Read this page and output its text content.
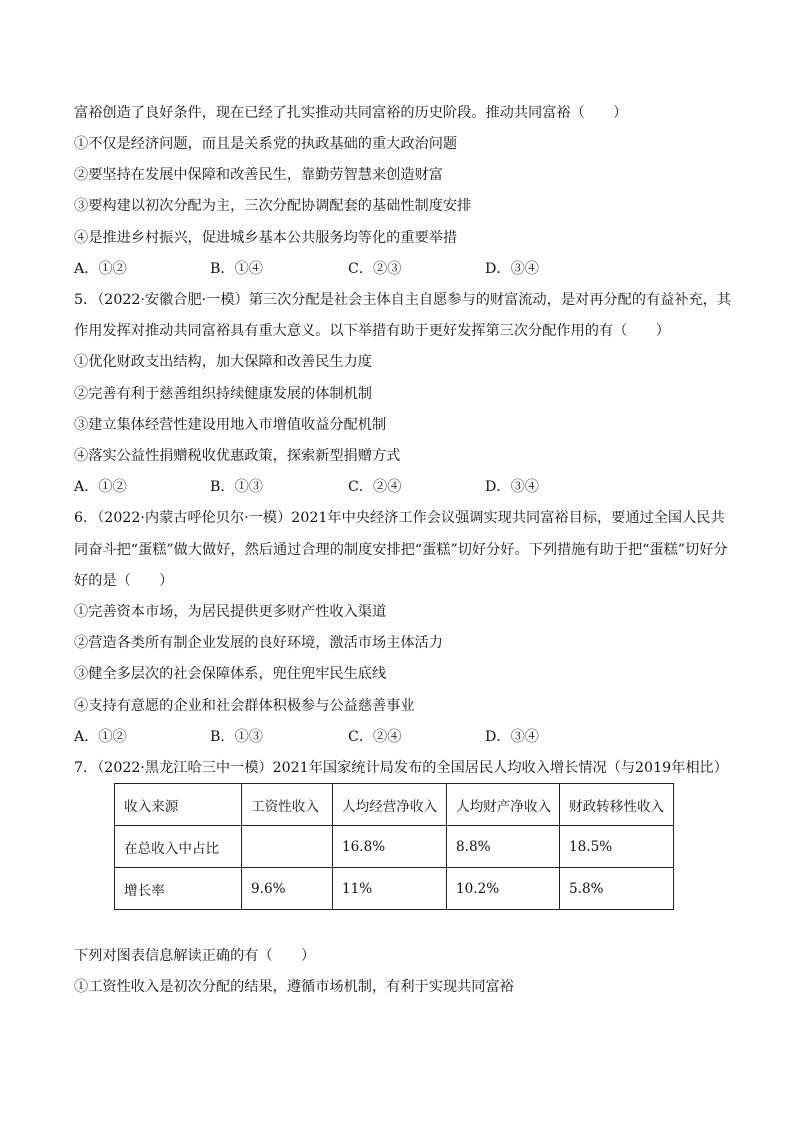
富裕创造了良好条件，现在已经了扎实推动共同富裕的历史阶段。推动共同富裕（　　）
①不仅是经济问题，而且是关系党的执政基础的重大政治问题
②要坚持在发展中保障和改善民生，靠勤劳智慧来创造财富
③要构建以初次分配为主，三次分配协调配套的基础性制度安排
④是推进乡村振兴，促进城乡基本公共服务均等化的重要举措
A．①②	B．①④	C．②③	D．③④
5．（2022·安徽合肥·一模）第三次分配是社会主体自主自愿参与的财富流动，是对再分配的有益补充，其
作用发挥对推动共同富裕具有重大意义。以下举措有助于更好发挥第三次分配作用的有（　　）
①优化财政支出结构，加大保障和改善民生力度
②完善有利于慈善组织持续健康发展的体制机制
③建立集体经营性建设用地入市增值收益分配机制
④落实公益性捐赠税收优惠政策，探索新型捐赠方式
A．①②	B．①③	C．②④	D．③④
6．（2022·内蒙古呼伦贝尔·一模）2021年中央经济工作会议强调实现共同富裕目标，要通过全国人民共
同奋斗把“蛋糕”做大做好，然后通过合理的制度安排把“蛋糕”切好分好。下列措施有助于把“蛋糕”切好分
好的是（　　）
①完善资本市场，为居民提供更多财产性收入渠道
②营造各类所有制企业发展的良好环境，激活市场主体活力
③健全多层次的社会保障体系，兜住兜牢民生底线
④支持有意愿的企业和社会群体积极参与公益慈善事业
A．①②	B．①③	C．②④	D．③④
7．（2022·黑龙江哈三中一模）2021年国家统计局发布的全国居民人均收入增长情况（与2019年相比）
收入来源	工资性收入	人均经营净收入	人均财产净收入	财政转移性收入
在总收入中占比		16.8%	8.8%	18.5%
增长率	9.6%	11%	10.2%	5.8%
下列对图表信息解读正确的有（　　）
①工资性收入是初次分配的结果，遵循市场机制，有利于实现共同富裕
